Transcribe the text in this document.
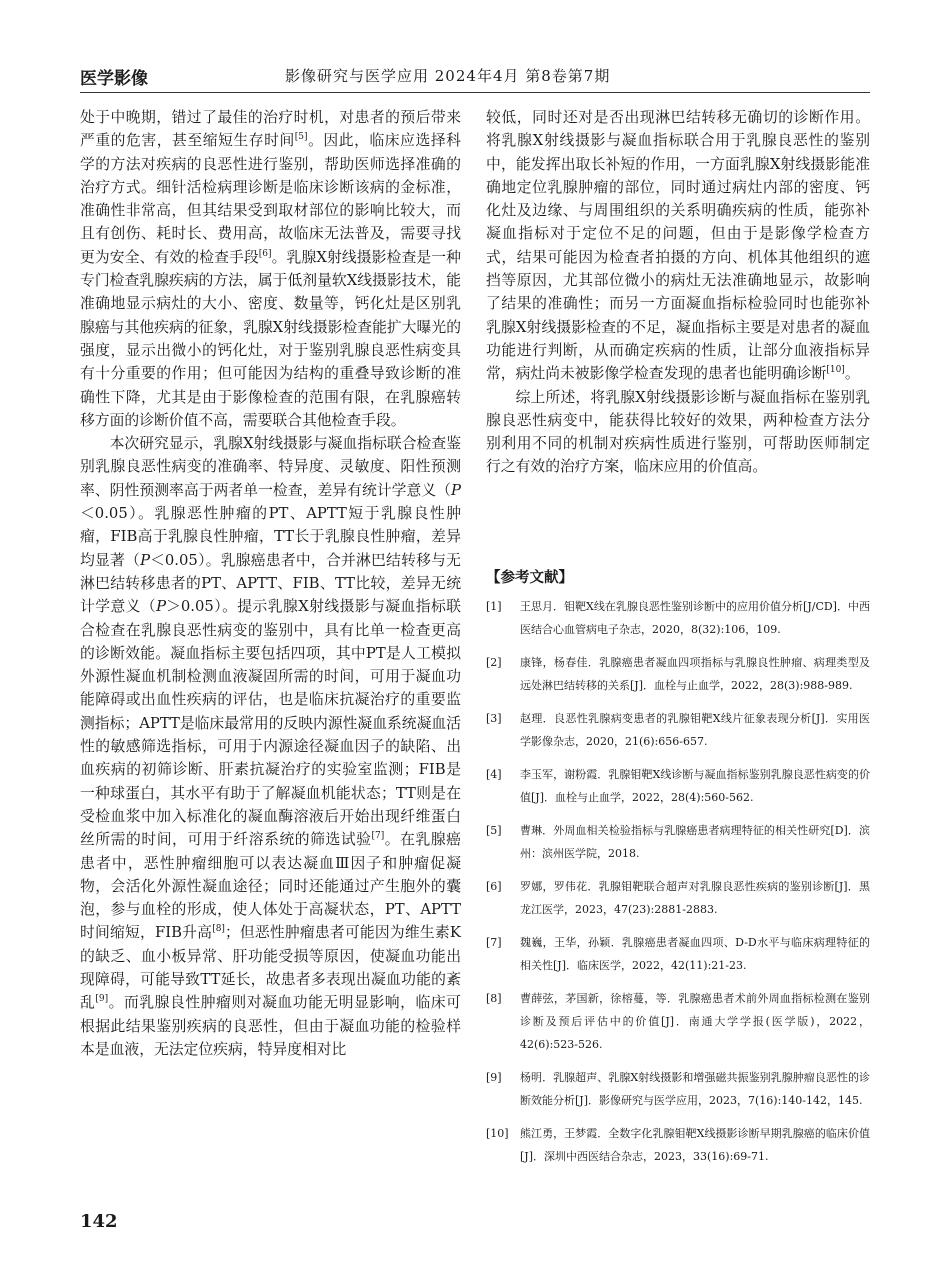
医学影像	影像研究与医学应用 2024年4月 第8卷第7期

处于中晚期，错过了最佳的治疗时机，对患者的预后带来严重的危害，甚至缩短生存时间[5]。因此，临床应选择科学的方法对疾病的良恶性进行鉴别，帮助医师选择准确的治疗方式。细针活检病理诊断是临床诊断该病的金标准，准确性非常高，但其结果受到取材部位的影响比较大，而且有创伤、耗时长、费用高，故临床无法普及，需要寻找更为安全、有效的检查手段[6]。乳腺X射线摄影检查是一种专门检查乳腺疾病的方法，属于低剂量软X线摄影技术，能准确地显示病灶的大小、密度、数量等，钙化灶是区别乳腺癌与其他疾病的征象，乳腺X射线摄影检查能扩大曝光的强度，显示出微小的钙化灶，对于鉴别乳腺良恶性病变具有十分重要的作用；但可能因为结构的重叠导致诊断的准确性下降，尤其是由于影像检查的范围有限，在乳腺癌转移方面的诊断价值不高，需要联合其他检查手段。

本次研究显示，乳腺X射线摄影与凝血指标联合检查鉴别乳腺良恶性病变的准确率、特异度、灵敏度、阳性预测率、阴性预测率高于两者单一检查，差异有统计学意义（P＜0.05）。乳腺恶性肿瘤的PT、APTT短于乳腺良性肿瘤，FIB高于乳腺良性肿瘤，TT长于乳腺良性肿瘤，差异均显著（P＜0.05）。乳腺癌患者中，合并淋巴结转移与无淋巴结转移患者的PT、APTT、FIB、TT比较，差异无统计学意义（P＞0.05）。提示乳腺X射线摄影与凝血指标联合检查在乳腺良恶性病变的鉴别中，具有比单一检查更高的诊断效能。凝血指标主要包括四项，其中PT是人工模拟外源性凝血机制检测血液凝固所需的时间，可用于凝血功能障碍或出血性疾病的评估，也是临床抗凝治疗的重要监测指标；APTT是临床最常用的反映内源性凝血系统凝血活性的敏感筛选指标，可用于内源途径凝血因子的缺陷、出血疾病的初筛诊断、肝素抗凝治疗的实验室监测；FIB是一种球蛋白，其水平有助于了解凝血机能状态；TT则是在受检血浆中加入标准化的凝血酶溶液后开始出现纤维蛋白丝所需的时间，可用于纤溶系统的筛选试验[7]。在乳腺癌患者中，恶性肿瘤细胞可以表达凝血Ⅲ因子和肿瘤促凝物，会活化外源性凝血途径；同时还能通过产生胞外的囊泡，参与血栓的形成，使人体处于高凝状态，PT、APTT时间缩短，FIB升高[8]；但恶性肿瘤患者可能因为维生素K的缺乏、血小板异常、肝功能受损等原因，使凝血功能出现障碍，可能导致TT延长，故患者多表现出凝血功能的紊乱[9]。而乳腺良性肿瘤则对凝血功能无明显影响，临床可根据此结果鉴别疾病的良恶性，但由于凝血功能的检验样本是血液，无法定位疾病，特异度相对比

较低，同时还对是否出现淋巴结转移无确切的诊断作用。将乳腺X射线摄影与凝血指标联合用于乳腺良恶性的鉴别中，能发挥出取长补短的作用，一方面乳腺X射线摄影能准确地定位乳腺肿瘤的部位，同时通过病灶内部的密度、钙化灶及边缘、与周围组织的关系明确疾病的性质，能弥补凝血指标对于定位不足的问题，但由于是影像学检查方式，结果可能因为检查者拍摄的方向、机体其他组织的遮挡等原因，尤其部位微小的病灶无法准确地显示，故影响了结果的准确性；而另一方面凝血指标检验同时也能弥补乳腺X射线摄影检查的不足，凝血指标主要是对患者的凝血功能进行判断，从而确定疾病的性质，让部分血液指标异常，病灶尚未被影像学检查发现的患者也能明确诊断[10]。

综上所述，将乳腺X射线摄影诊断与凝血指标在鉴别乳腺良恶性病变中，能获得比较好的效果，两种检查方法分别利用不同的机制对疾病性质进行鉴别，可帮助医师制定行之有效的治疗方案，临床应用的价值高。

【参考文献】
[1] 王思月．钼靶X线在乳腺良恶性鉴别诊断中的应用价值分析[J/CD]．中西医结合心血管病电子杂志，2020，8(32):106，109.
[2] 康锋，杨春佳．乳腺癌患者凝血四项指标与乳腺良性肿瘤、病理类型及远处淋巴结转移的关系[J]．血栓与止血学，2022，28(3):988-989.
[3] 赵理．良恶性乳腺病变患者的乳腺钼靶X线片征象表现分析[J]．实用医学影像杂志，2020，21(6):656-657.
[4] 李玉军，谢粉霞．乳腺钼靶X线诊断与凝血指标鉴别乳腺良恶性病变的价值[J]．血栓与止血学，2022，28(4):560-562.
[5] 曹琳．外周血相关检验指标与乳腺癌患者病理特征的相关性研究[D]．滨州：滨州医学院，2018.
[6] 罗娜，罗伟花．乳腺钼靶联合超声对乳腺良恶性疾病的鉴别诊断[J]．黑龙江医学，2023，47(23):2881-2883.
[7] 魏巍，王华，孙颖．乳腺癌患者凝血四项、D-D水平与临床病理特征的相关性[J]．临床医学，2022，42(11):21-23.
[8] 曹薛弦，茅国新，徐榕蔓，等．乳腺癌患者术前外周血指标检测在鉴别诊断及预后评估中的价值[J]．南通大学学报(医学版)，2022，42(6):523-526.
[9] 杨明．乳腺超声、乳腺X射线摄影和增强磁共振鉴别乳腺肿瘤良恶性的诊断效能分析[J]．影像研究与医学应用，2023，7(16):140-142，145.
[10] 熊江勇，王梦霞．全数字化乳腺钼靶X线摄影诊断早期乳腺癌的临床价值[J]．深圳中西医结合杂志，2023，33(16):69-71.
142
